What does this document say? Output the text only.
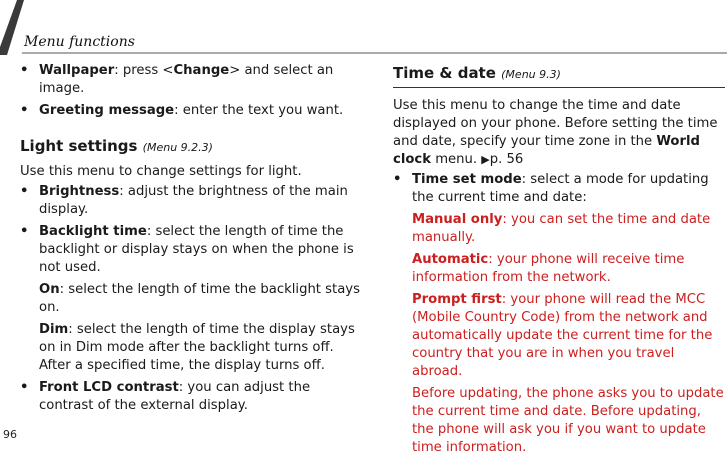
Menu functions
• Wallpaper: press <Change> and select an image.
• Greeting message: enter the text you want.
Light settings (Menu 9.2.3)
Use this menu to change settings for light.
• Brightness: adjust the brightness of the main display.
• Backlight time: select the length of time the backlight or display stays on when the phone is not used.
On: select the length of time the backlight stays on.
Dim: select the length of time the display stays on in Dim mode after the backlight turns off. After a specified time, the display turns off.
• Front LCD contrast: you can adjust the contrast of the external display.
Time & date (Menu 9.3)
Use this menu to change the time and date displayed on your phone. Before setting the time and date, specify your time zone in the World clock menu. ▶p. 56
• Time set mode: select a mode for updating the current time and date:
Manual only: you can set the time and date manually.
Automatic: your phone will receive time information from the network.
Prompt first: your phone will read the MCC (Mobile Country Code) from the network and automatically update the current time for the country that you are in when you travel abroad.
Before updating, the phone asks you to update the current time and date. Before updating, the phone will ask you if you want to update time information.
96
